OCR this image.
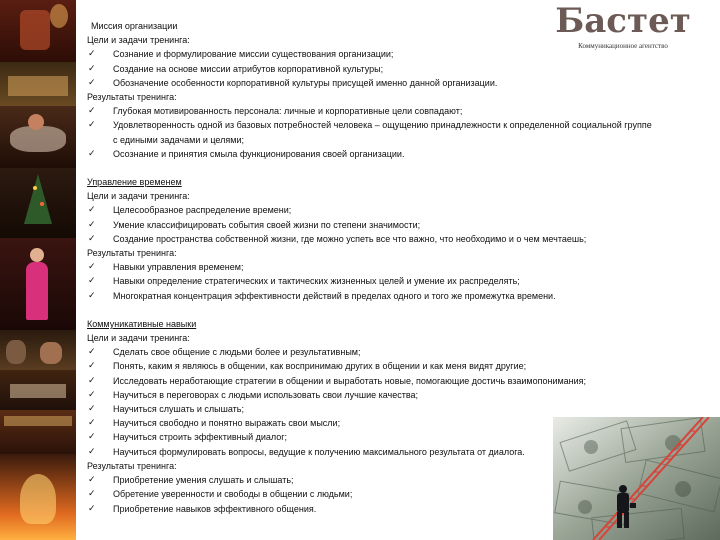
Бастет
Коммуникационное агентство
Миссия организации
Цели и задачи тренинга:
✓ Сознание и формулирование миссии существования организации;
✓ Создание на основе миссии атрибутов корпоративной культуры;
✓ Обозначение особенности корпоративной культуры присущей именно данной организации.
Результаты тренинга:
✓ Глубокая мотивированность персонала: личные и корпоративные цели совпадают;
✓ Удовлетворенность одной из базовых потребностей человека – ощущению принадлежности к определенной социальной группе
с едиными задачами и целями;
✓ Осознание и принятия смыла функционирования своей организации.
Управление временем
Цели и задачи тренинга:
✓ Целесообразное распределение времени;
✓ Умение классифицировать события своей жизни по степени значимости;
✓ Создание пространства собственной жизни, где можно успеть все что важно, что необходимо и о чем мечтаешь;
Результаты тренинга:
✓ Навыки управления временем;
✓ Навыки определение стратегических и тактических жизненных целей и умение их распределять;
✓ Многократная концентрация эффективности действий в пределах одного и того же промежутка времени.
Коммуникативные навыки
Цели и задачи тренинга:
✓ Сделать свое общение с людьми более и результативным;
✓ Понять, каким я являюсь в общении, как воспринимаю других в общении и как меня видят другие;
✓ Исследовать неработающие стратегии в общении и выработать новые, помогающие достичь взаимопонимания;
✓ Научиться в переговорах с людьми использовать свои лучшие качества;
✓ Научиться слушать и слышать;
✓ Научиться свободно и понятно выражать свои мысли;
✓ Научиться строить эффективный диалог;
✓ Научиться формулировать вопросы, ведущие к получению максимального результата от диалога.
Результаты тренинга:
✓ Приобретение умения слушать и слышать;
✓ Обретение уверенности и свободы в общении с людьми;
✓ Приобретение навыков эффективного общения.
